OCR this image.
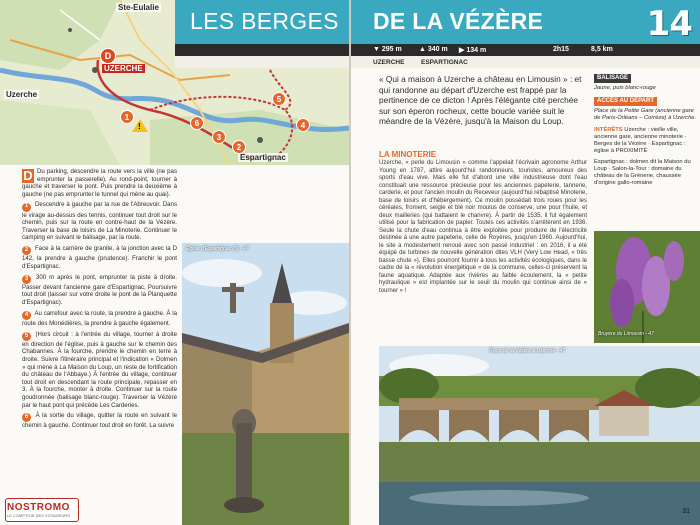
Ste-Eulalie
UZERCHE
Uzerche
Espartignac
D
1
2
3
4
5
6
!
D Du parking, descendre la route vers la ville (ne pas emprunter la passerelle). Au rond-point, tourner à gauche et traverser le pont. Puis prendre la deuxième à gauche (ne pas emprunter le tunnel qui mène au quai).
1 Descendre à gauche par la rue de l'Abreuvoir. Dans le virage au-dessus des tennis, continuer tout droit sur le chemin, puis sur la route en contre-haut de la Vézère. Traverser la base de loisirs de La Minoterie. Continuer le camping en suivant le balisage, par la route.
2 Face à la carrière de granite, à la jonction avec la D 142, la prendre à gauche (prudence). Franchir le pont d'Espartignac.
3 300 m après le pont, emprunter la piste à droite. Passer devant l'ancienne gare d'Espartignac. Poursuivre tout droit (laisser sur votre droite le pont de la Planquette d'Espartignac).
4 Au carrefour avec la route, la prendre à gauche. À la route des Monédières, la prendre à gauche également.
5 (Hors circuit : à l'entrée du village, tourner à droite en direction de l'église, puis à gauche sur le chemin des Chabannes. À la fourche, prendre le chemin en terre à droite. Suivre l'itinéraire principal et l'indication « Dolmen » qui mène à La Maison du Loup, un reste de fortification du château de l'Abbaye.) À l'entrée du village, continuer tout droit en descendant la route principale, repasser en 3. À la fourche, monter à droite. Continuer sur la route goudronnée (balisage blanc-rouge). Traverser la Vézère par le haut pont qui précède Les Carderies.
6 À la sortie du village, quitter la route en suivant le chemin à gauche. Continuer tout droit en forêt. La suivre
Église d'Espartignac (5) - 47
LES BERGES
NOSTROMO
LE COMPTOIR DES VOYAGEURS
DE LA VÉZÈRE	14
▼ 295 m ▲ 340 m ▶ 134 m	2h15	8,5 km
UZERCHE	ESPARTIGNAC

« Qui a maison à Uzerche a château en Limousin » : et qui randonne au départ d'Uzerche est frappé par la pertinence de ce dicton ! Après l'élégante cité perchée sur son éperon rocheux, cette boucle variée suit le méandre de la Vézère, jusqu'à la Maison du Loup.

LA MINOTERIE

Uzerche, « perle du Limousin » comme l'appelait l'écrivain agronome Arthur Young en 1787, attire aujourd'hui randonneurs, touristes, amoureux des sports d'eau vive. Mais elle fut d'abord une ville industrieuse dont l'eau constituait une ressource précieuse pour les anciennes papeterie, tannerie, carderie, et pour l'ancien moulin du Receveur (aujourd'hui rebaptisé Minoterie, base de loisirs et d'hébergement). Ce moulin possédait trois roues pour les céréales, froment, seigle et blé noir moulus de conserve, une pour l'huile, et deux mailleries (qui battaient le chanvre). À partir de 1535, il fut également utilisé pour la fabrication de papier. Toutes ces activités s'arrêtèrent en 1936. Seule la chute d'eau continua à être exploitée pour produire de l'électricité destinée à une autre papeterie, celle de Royères, jusqu'en 1960. Aujourd'hui, le site a modestement renoué avec son passé industriel : en 2016, il a été équipé de turbines de nouvelle génération dites VLH (Very Low Head, « très basse chute »). Elles pourront fournir à tous les activités écologiques, dans le cadre de la « révolution énergétique » de la commune, celles-ci préservent la faune aquatique. Adaptée aux rivières au faible écoulement, la « petite hydraulique » est implantée sur le seuil du moulin qui continue ainsi de « tourner » !

BALISAGE
Jaune, puis blanc-rouge
ACCÈS AU DÉPART
Place de la Petite Gare (ancienne gare de Paris-Orléans – Corrèze) à Uzerche.
INTÉRÊTS Uzerche : vieille ville, ancienne gare, ancienne minoterie · Berges de la Vézère · Espartignac : église à PROXIMITÉ
Espartignac : dolmen dit la Maison du Loup · Salon-la-Tour : domaine du château de la Grènerie, chaussée d'origine gallo-romaine
Bruyère du Limousin - 47
Rives de la Vézère à Uzerche - 47
31
